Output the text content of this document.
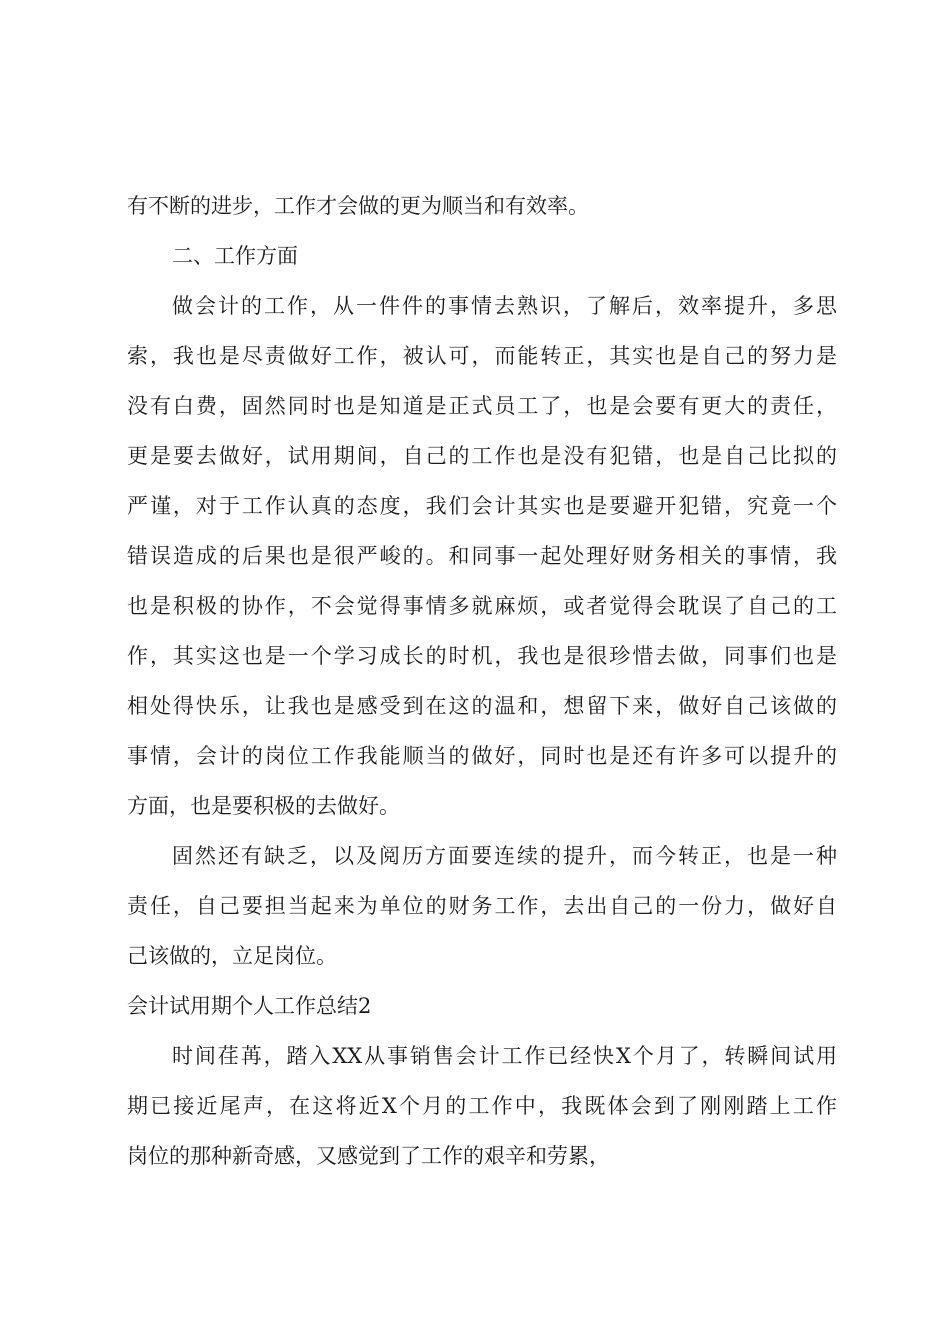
有不断的进步，工作才会做的更为顺当和有效率。
二、工作方面
做会计的工作，从一件件的事情去熟识，了解后，效率提升，多思
索，我也是尽责做好工作，被认可，而能转正，其实也是自己的努力是
没有白费，固然同时也是知道是正式员工了，也是会要有更大的责任，
更是要去做好，试用期间，自己的工作也是没有犯错，也是自己比拟的
严谨，对于工作认真的态度，我们会计其实也是要避开犯错，究竟一个
错误造成的后果也是很严峻的。和同事一起处理好财务相关的事情，我
也是积极的协作，不会觉得事情多就麻烦，或者觉得会耽误了自己的工
作，其实这也是一个学习成长的时机，我也是很珍惜去做，同事们也是
相处得快乐，让我也是感受到在这的温和，想留下来，做好自己该做的
事情，会计的岗位工作我能顺当的做好，同时也是还有许多可以提升的
方面，也是要积极的去做好。
固然还有缺乏，以及阅历方面要连续的提升，而今转正，也是一种
责任，自己要担当起来为单位的财务工作，去出自己的一份力，做好自
己该做的，立足岗位。
会计试用期个人工作总结2
时间荏苒，踏入XX从事销售会计工作已经快X个月了，转瞬间试用
期已接近尾声，在这将近X个月的工作中，我既体会到了刚刚踏上工作
岗位的那种新奇感，又感觉到了工作的艰辛和劳累，
